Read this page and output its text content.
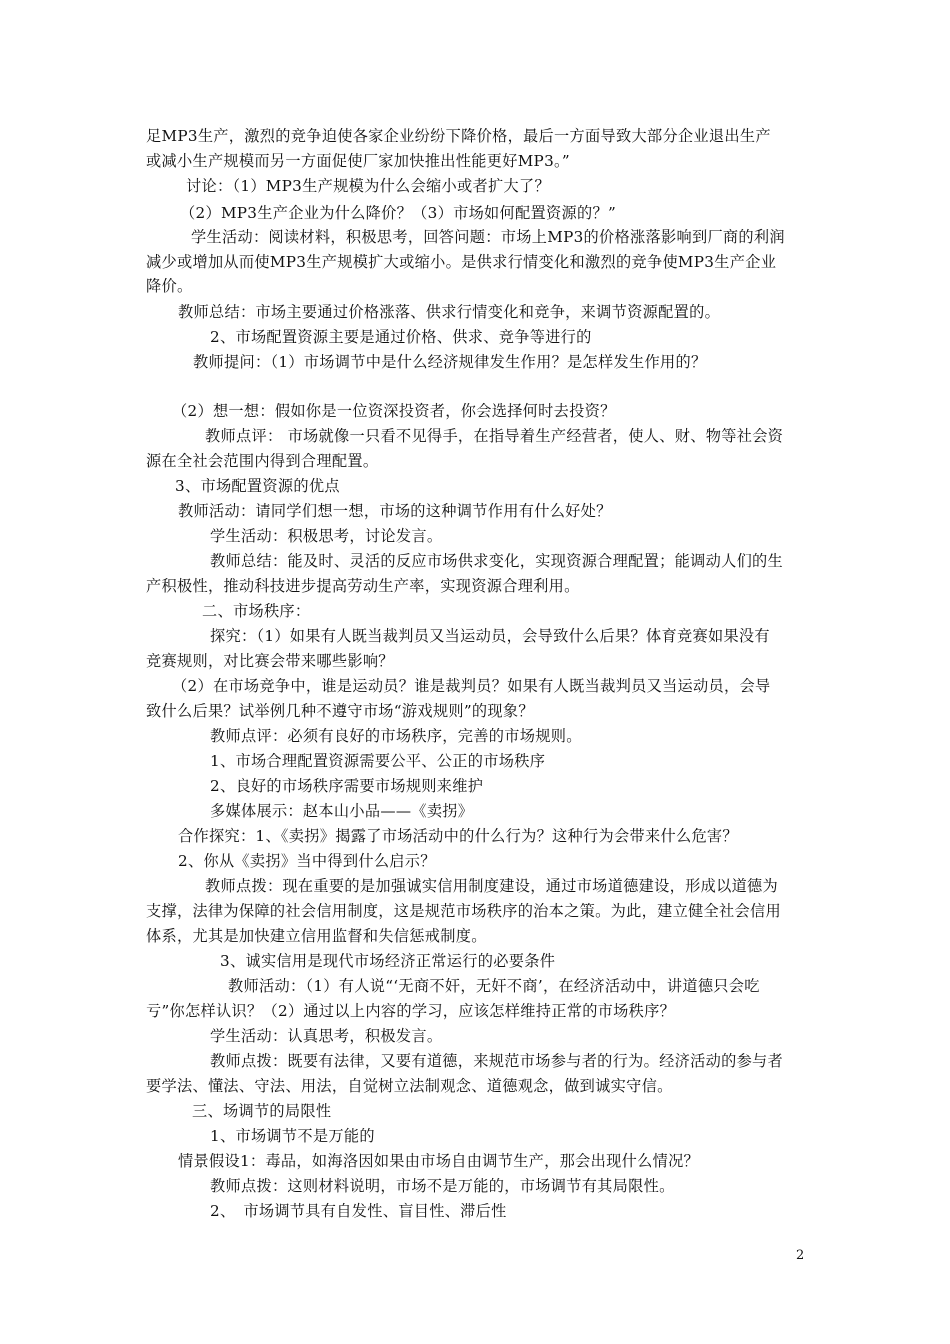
足MP3生产，激烈的竞争迫使各家企业纷纷下降价格，最后一方面导致大部分企业退出生产
或减小生产规模而另一方面促使厂家加快推出性能更好MP3。”
讨论：（1）MP3生产规模为什么会缩小或者扩大了？
（2）MP3生产企业为什么降价？（3）市场如何配置资源的？”
学生活动：阅读材料，积极思考，回答问题：市场上MP3的价格涨落影响到厂商的利润
减少或增加从而使MP3生产规模扩大或缩小。是供求行情变化和激烈的竞争使MP3生产企业
降价。
教师总结：市场主要通过价格涨落、供求行情变化和竞争，来调节资源配置的。
2、市场配置资源主要是通过价格、供求、竞争等进行的
教师提问：（1）市场调节中是什么经济规律发生作用？是怎样发生作用的？
（2）想一想：假如你是一位资深投资者，你会选择何时去投资？
教师点评： 市场就像一只看不见得手，在指导着生产经营者，使人、财、物等社会资
源在全社会范围内得到合理配置。
3、市场配置资源的优点
教师活动：请同学们想一想，市场的这种调节作用有什么好处？
学生活动：积极思考，讨论发言。
教师总结：能及时、灵活的反应市场供求变化，实现资源合理配置；能调动人们的生
产积极性，推动科技进步提高劳动生产率，实现资源合理利用。
二、市场秩序：
探究：（1）如果有人既当裁判员又当运动员，会导致什么后果？体育竞赛如果没有
竞赛规则，对比赛会带来哪些影响？
（2）在市场竞争中，谁是运动员？谁是裁判员？如果有人既当裁判员又当运动员，会导
致什么后果？试举例几种不遵守市场“游戏规则”的现象？
教师点评：必须有良好的市场秩序，完善的市场规则。
1、市场合理配置资源需要公平、公正的市场秩序
2、良好的市场秩序需要市场规则来维护
多媒体展示：赵本山小品——《卖拐》
合作探究：1、《卖拐》揭露了市场活动中的什么行为？这种行为会带来什么危害？
2、你从《卖拐》当中得到什么启示？
教师点拨：现在重要的是加强诚实信用制度建设，通过市场道德建设，形成以道德为
支撑，法律为保障的社会信用制度，这是规范市场秩序的治本之策。为此，建立健全社会信用
体系，尤其是加快建立信用监督和失信惩戒制度。
3、诚实信用是现代市场经济正常运行的必要条件
教师活动：（1）有人说“‘无商不奸，无奸不商’，在经济活动中，讲道德只会吃
亏”你怎样认识？（2）通过以上内容的学习，应该怎样维持正常的市场秩序？
学生活动：认真思考，积极发言。
教师点拨：既要有法律，又要有道德，来规范市场参与者的行为。经济活动的参与者
要学法、懂法、守法、用法，自觉树立法制观念、道德观念，做到诚实守信。
三、场调节的局限性
1、市场调节不是万能的
情景假设1：毒品，如海洛因如果由市场自由调节生产，那会出现什么情况？
教师点拨：这则材料说明，市场不是万能的，市场调节有其局限性。
2、　市场调节具有自发性、盲目性、滞后性
2
